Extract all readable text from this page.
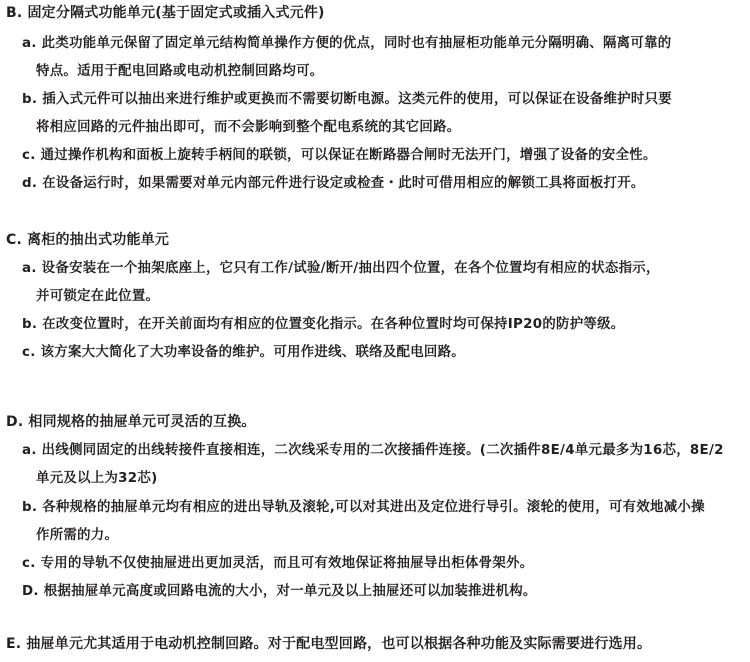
B. 固定分隔式功能单元(基于固定式或插入式元件)
a. 此类功能单元保留了固定单元结构简单操作方便的优点，同时也有抽屉柜功能单元分隔明确、隔离可靠的
特点。适用于配电回路或电动机控制回路均可。
b. 插入式元件可以抽出来进行维护或更换而不需要切断电源。这类元件的使用，可以保证在设备维护时只要
将相应回路的元件抽出即可，而不会影响到整个配电系统的其它回路。
c. 通过操作机构和面板上旋转手柄间的联锁，可以保证在断路器合闸时无法开门，增强了设备的安全性。
d. 在设备运行时，如果需要对单元内部元件进行设定或检查・此时可借用相应的解锁工具将面板打开。
C. 离柜的抽出式功能单元
a. 设备安装在一个抽架底座上，它只有工作/试验/断开/抽出四个位置，在各个位置均有相应的状态指示，
并可锁定在此位置。
b. 在改变位置时，在开关前面均有相应的位置变化指示。在各种位置时均可保持IP20的防护等级。
c. 该方案大大简化了大功率设备的维护。可用作进线、联络及配电回路。
D. 相同规格的抽屉单元可灵活的互换。
a. 出线侧同固定的出线转接件直接相连，二次线采专用的二次接插件连接。(二次插件8E/4单元最多为16芯，8E/2
单元及以上为32芯)
b. 各种规格的抽屉单元均有相应的进出导轨及滚轮,可以对其进出及定位进行导引。滚轮的使用，可有效地减小操
作所需的力。
c. 专用的导轨不仅使抽屉进出更加灵活，而且可有效地保证将抽屉导出柜体骨架外。
D. 根据抽屉单元高度或回路电流的大小，对一单元及以上抽屉还可以加装推进机构。
E. 抽屉单元尤其适用于电动机控制回路。对于配电型回路，也可以根据各种功能及实际需要进行选用。
